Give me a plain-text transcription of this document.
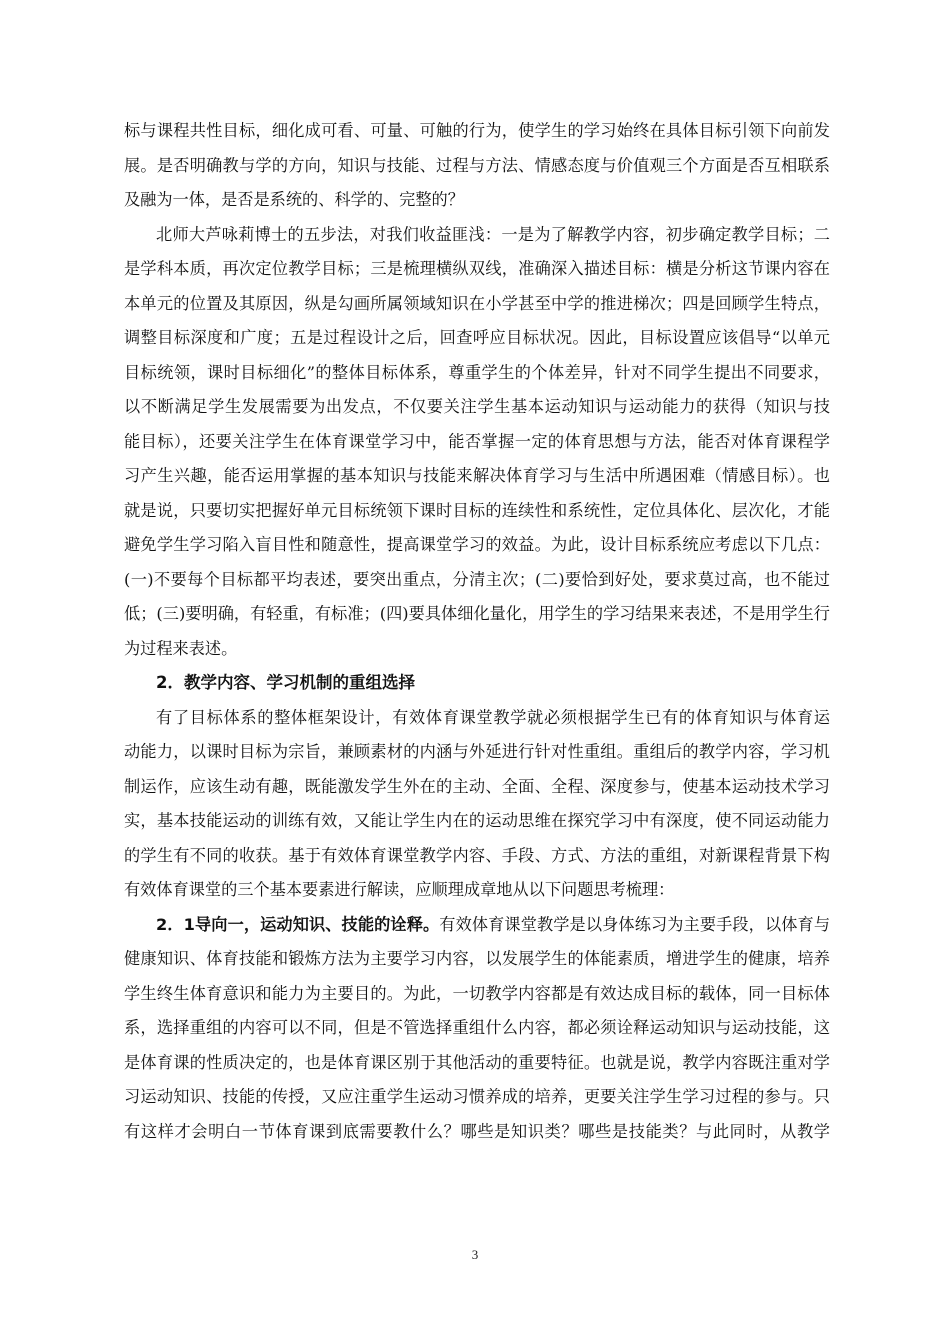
标与课程共性目标，细化成可看、可量、可触的行为，使学生的学习始终在具体目标引领下向前发
展。是否明确教与学的方向，知识与技能、过程与方法、情感态度与价值观三个方面是否互相联系
及融为一体，是否是系统的、科学的、完整的？
北师大芦咏莉博士的五步法，对我们收益匪浅：一是为了解教学内容，初步确定教学目标；二
是学科本质，再次定位教学目标；三是梳理横纵双线，准确深入描述目标：横是分析这节课内容在
本单元的位置及其原因，纵是勾画所属领域知识在小学甚至中学的推进梯次；四是回顾学生特点，
调整目标深度和广度；五是过程设计之后，回查呼应目标状况。因此，目标设置应该倡导“以单元
目标统领，课时目标细化”的整体目标体系，尊重学生的个体差异，针对不同学生提出不同要求，
以不断满足学生发展需要为出发点，不仅要关注学生基本运动知识与运动能力的获得（知识与技
能目标），还要关注学生在体育课堂学习中，能否掌握一定的体育思想与方法，能否对体育课程学
习产生兴趣，能否运用掌握的基本知识与技能来解决体育学习与生活中所遇困难（情感目标）。也
就是说，只要切实把握好单元目标统领下课时目标的连续性和系统性，定位具体化、层次化，才能
避免学生学习陷入盲目性和随意性，提高课堂学习的效益。为此，设计目标系统应考虑以下几点：
(一)不要每个目标都平均表述，要突出重点，分清主次；(二)要恰到好处，要求莫过高，也不能过
低；(三)要明确，有轻重，有标准；(四)要具体细化量化，用学生的学习结果来表述，不是用学生行
为过程来表述。
2．教学内容、学习机制的重组选择
有了目标体系的整体框架设计，有效体育课堂教学就必须根据学生已有的体育知识与体育运
动能力，以课时目标为宗旨，兼顾素材的内涵与外延进行针对性重组。重组后的教学内容，学习机
制运作，应该生动有趣，既能激发学生外在的主动、全面、全程、深度参与，使基本运动技术学习
实，基本技能运动的训练有效，又能让学生内在的运动思维在探究学习中有深度，使不同运动能力
的学生有不同的收获。基于有效体育课堂教学内容、手段、方式、方法的重组，对新课程背景下构
有效体育课堂的三个基本要素进行解读，应顺理成章地从以下问题思考梳理：
2．1导向一，运动知识、技能的诠释。有效体育课堂教学是以身体练习为主要手段，以体育与
健康知识、体育技能和锻炼方法为主要学习内容，以发展学生的体能素质，增进学生的健康，培养
学生终生体育意识和能力为主要目的。为此，一切教学内容都是有效达成目标的载体，同一目标体
系，选择重组的内容可以不同，但是不管选择重组什么内容，都必须诠释运动知识与运动技能，这
是体育课的性质决定的，也是体育课区别于其他活动的重要特征。也就是说，教学内容既注重对学
习运动知识、技能的传授，又应注重学生运动习惯养成的培养，更要关注学生学习过程的参与。只
有这样才会明白一节体育课到底需要教什么？哪些是知识类？哪些是技能类？与此同时，从教学
3
